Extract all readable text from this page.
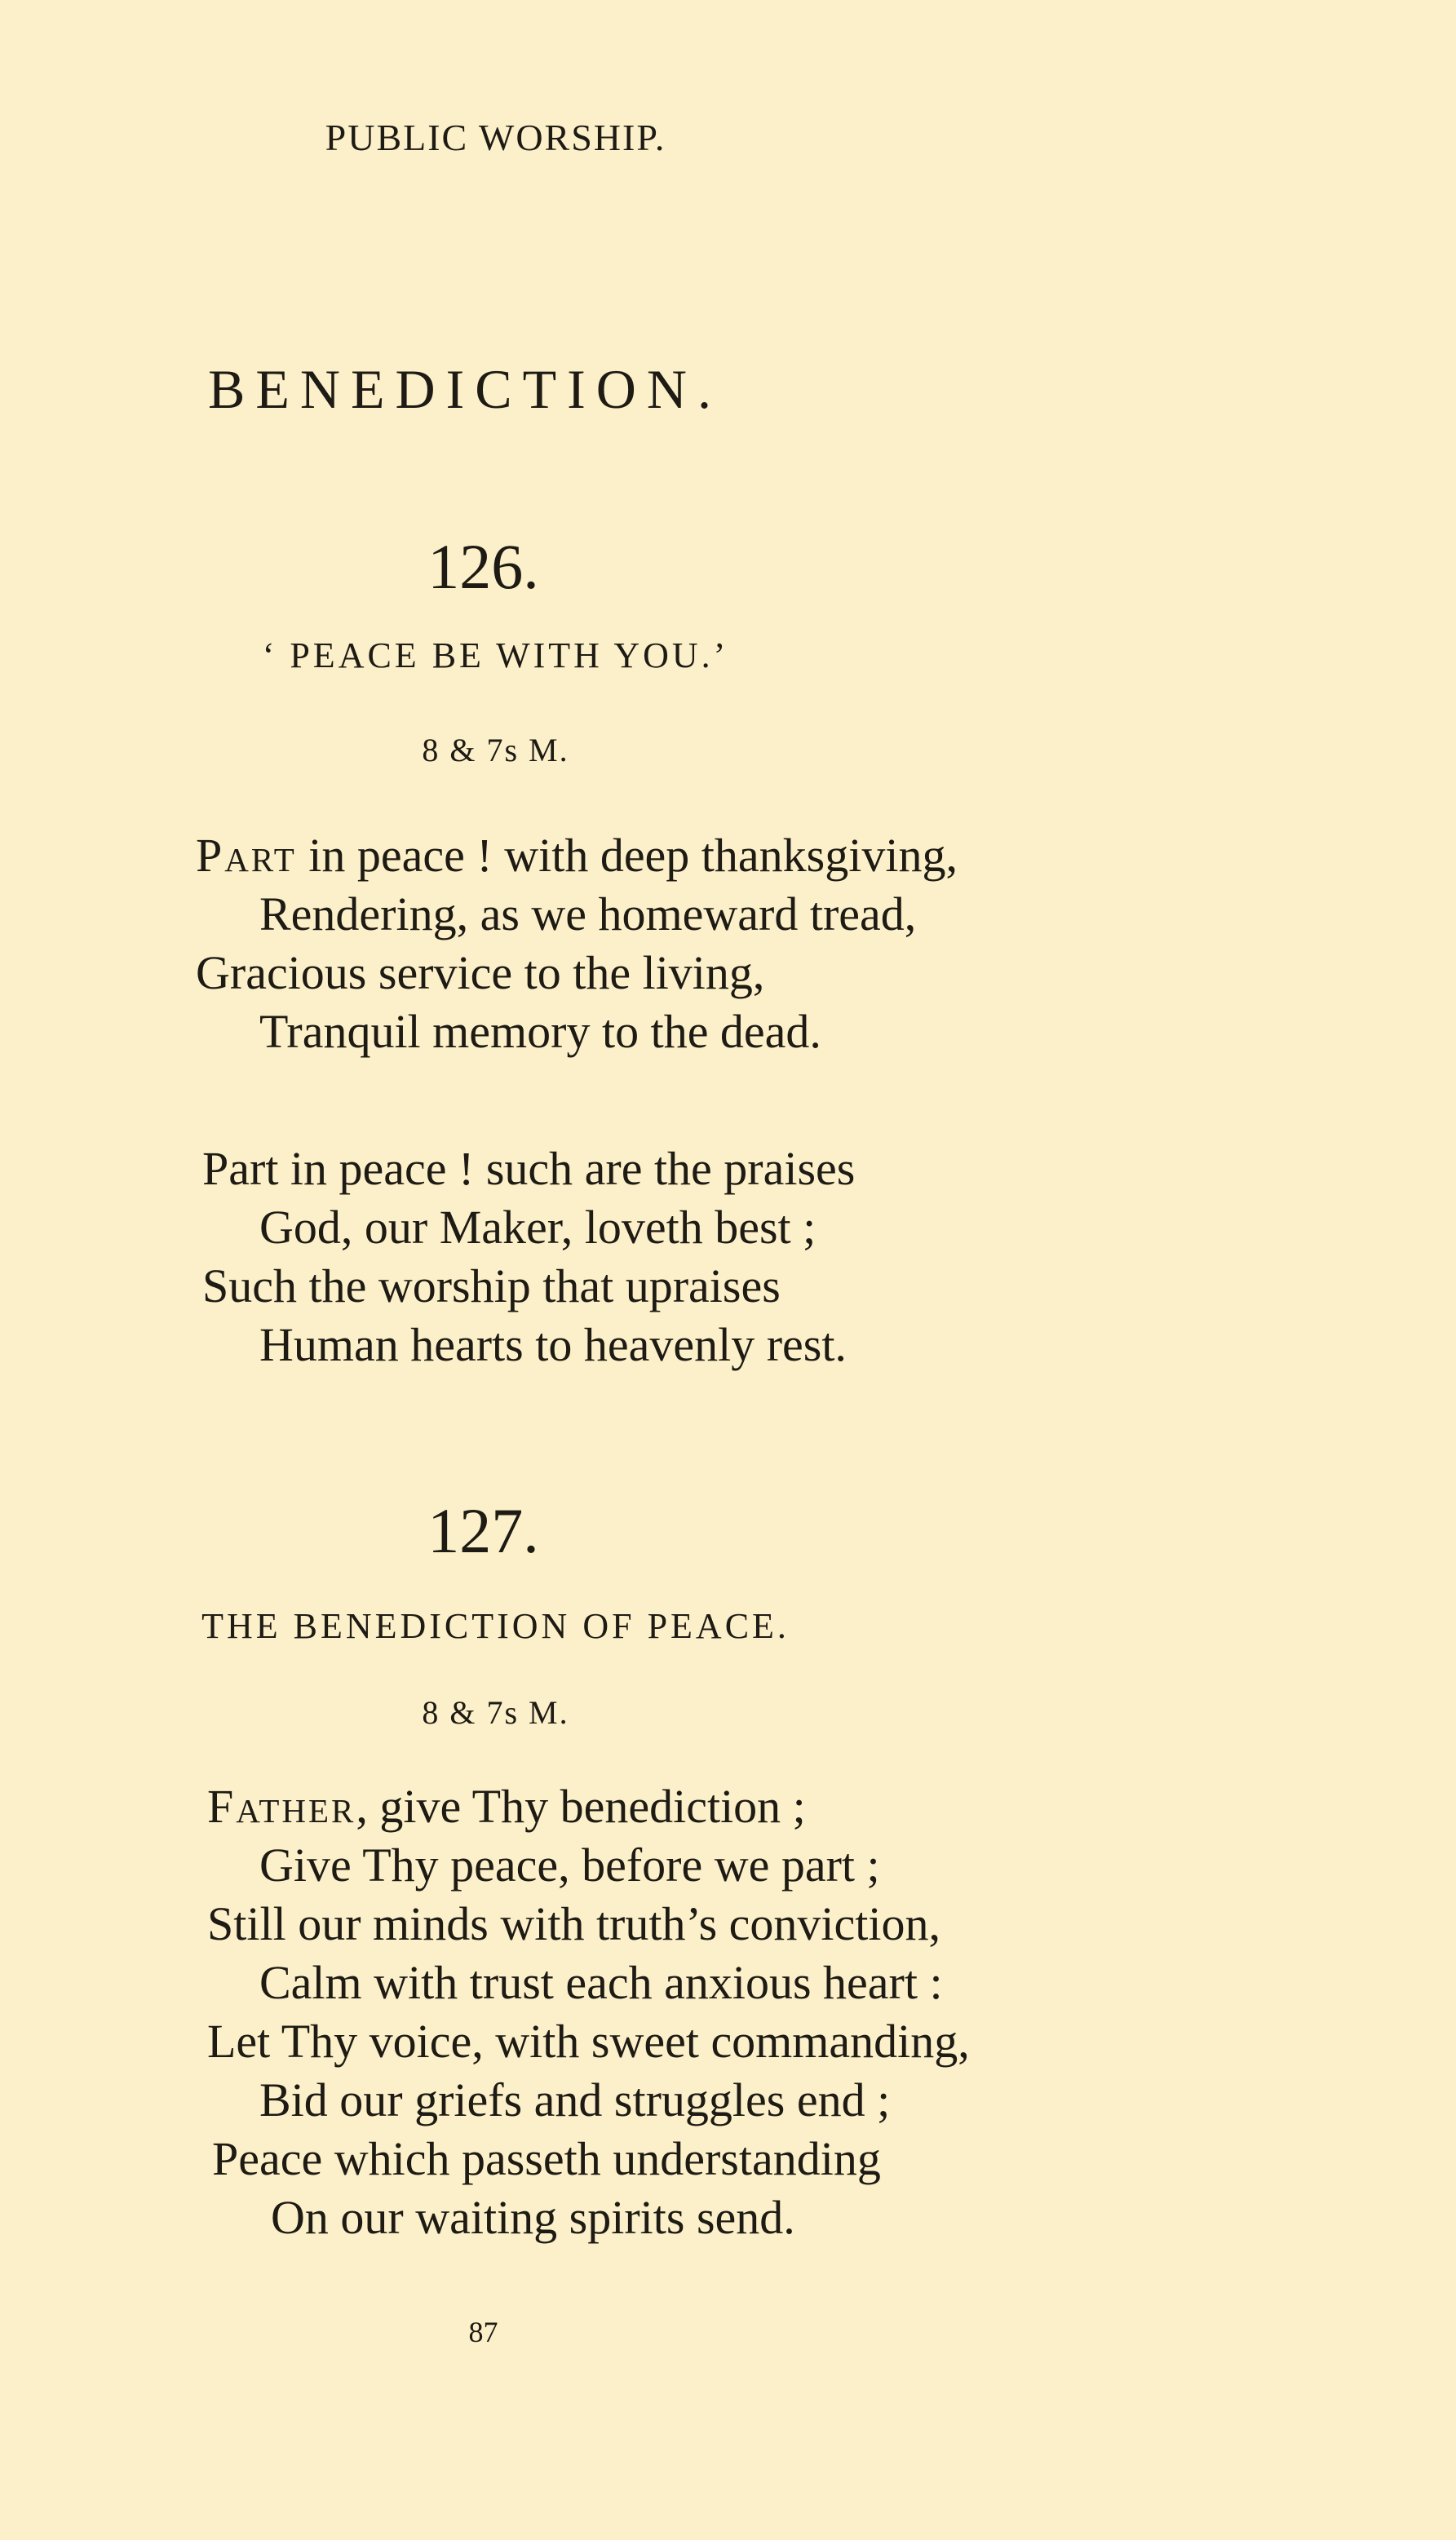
PUBLIC WORSHIP.
BENEDICTION.
126.
‘ PEACE BE WITH YOU.’
8 & 7s M.
Part in peace ! with deep thanksgiving,
Rendering, as we homeward tread,
Gracious service to the living,
Tranquil memory to the dead.
Part in peace ! such are the praises
God, our Maker, loveth best ;
Such the worship that upraises
Human hearts to heavenly rest.
127.
THE BENEDICTION OF PEACE.
8 & 7s M.
Father, give Thy benediction ;
Give Thy peace, before we part ;
Still our minds with truth’s conviction,
Calm with trust each anxious heart :
Let Thy voice, with sweet commanding,
Bid our griefs and struggles end ;
Peace which passeth understanding
On our waiting spirits send.
87
